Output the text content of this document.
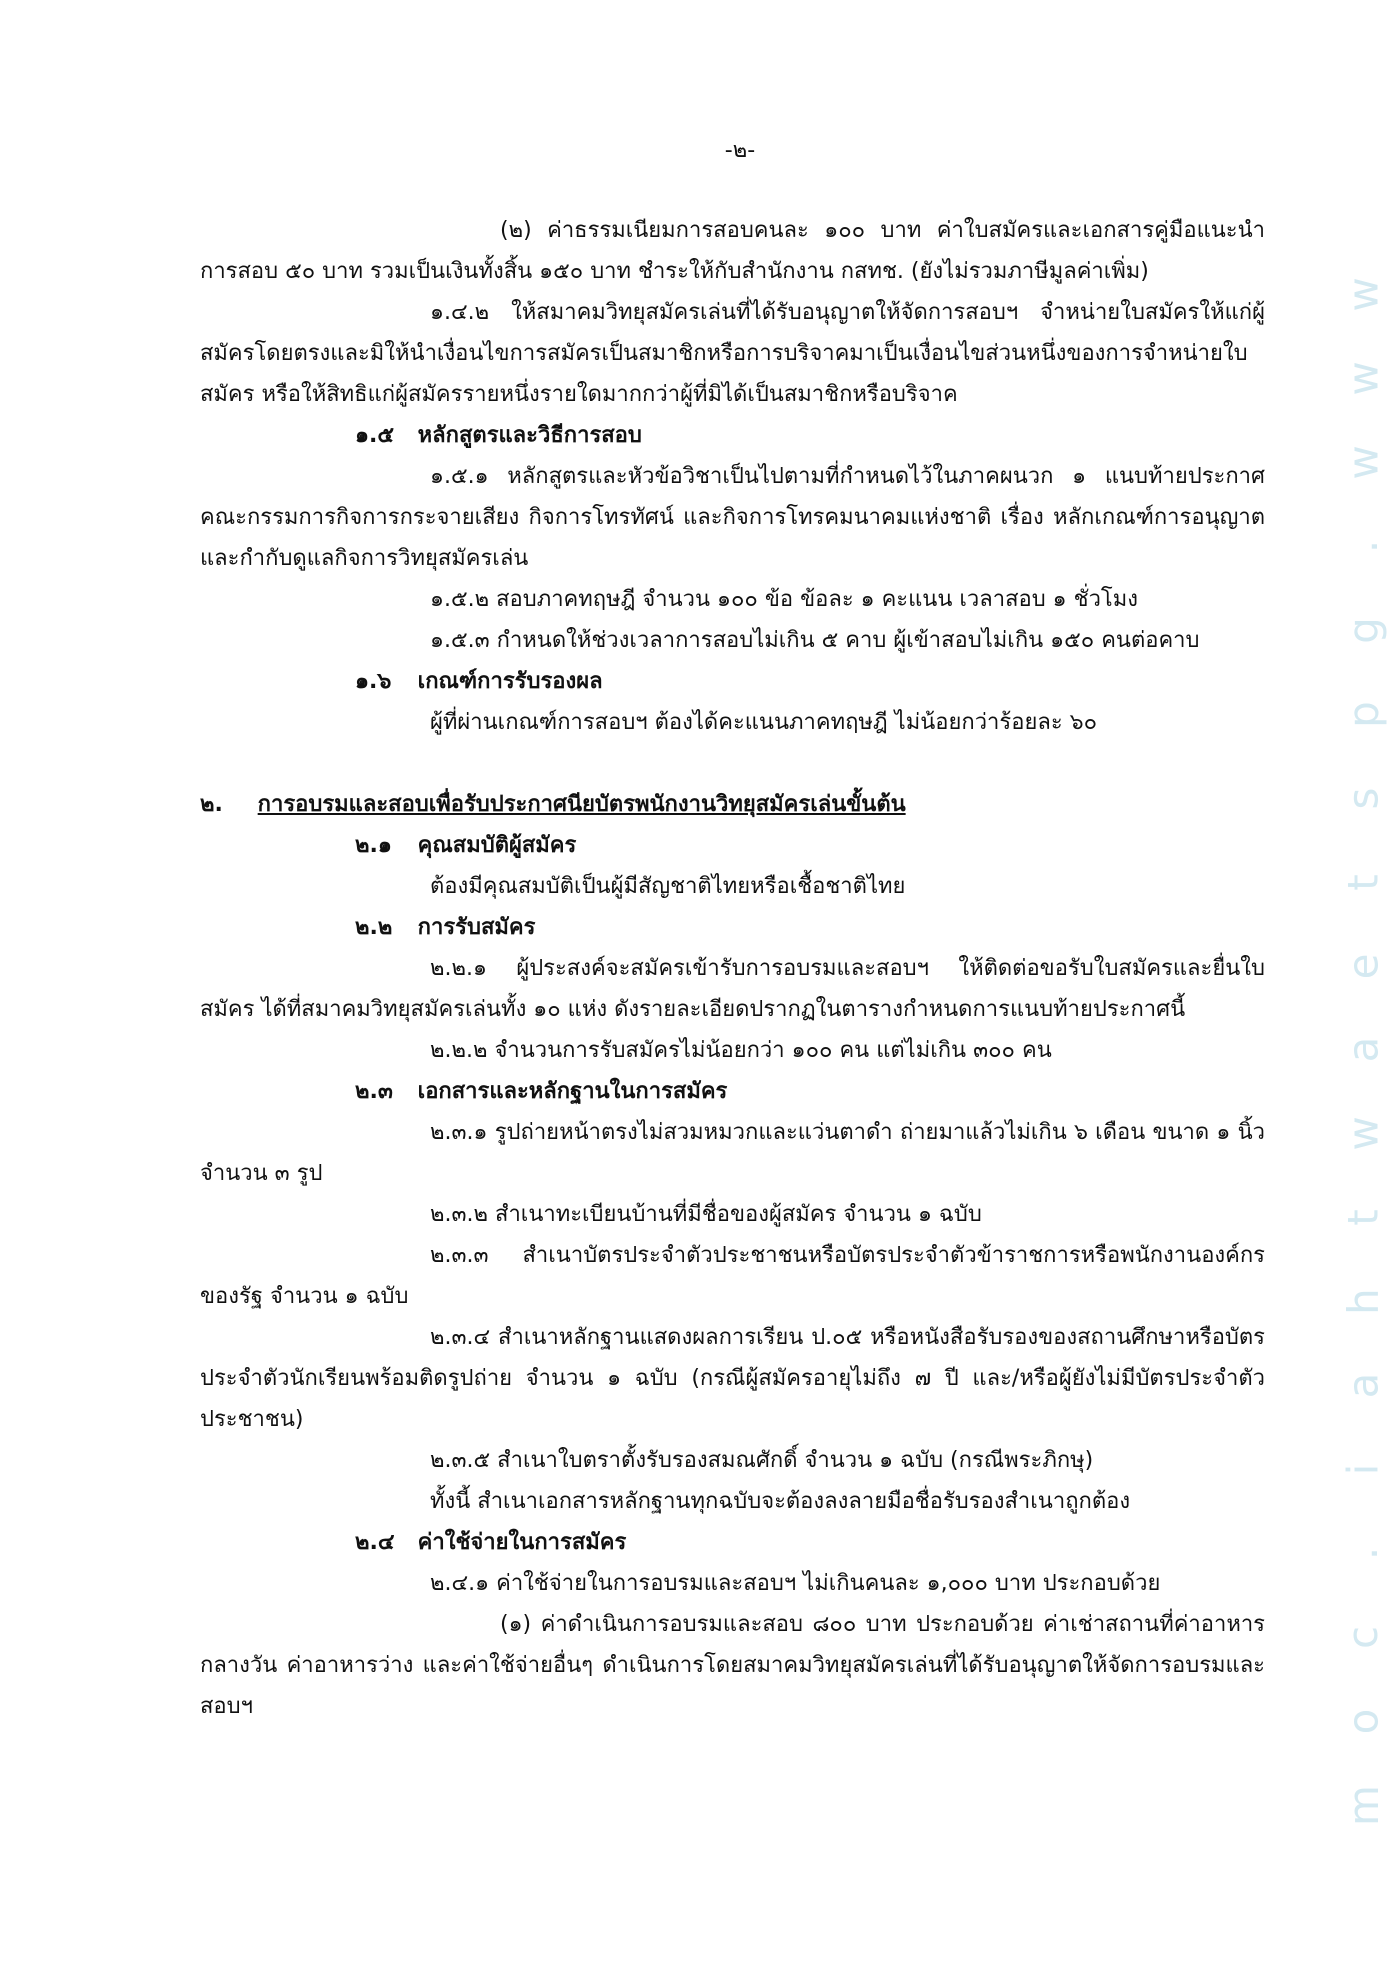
-๒-

(๒) ค่าธรรมเนียมการสอบคนละ ๑๐๐ บาท ค่าใบสมัครและเอกสารคู่มือแนะนำการสอบ ๕๐ บาท รวมเป็นเงินทั้งสิ้น ๑๕๐ บาท ชำระให้กับสำนักงาน กสทช. (ยังไม่รวมภาษีมูลค่าเพิ่ม)

๑.๔.๒ ให้สมาคมวิทยุสมัครเล่นที่ได้รับอนุญาตให้จัดการสอบฯ จำหน่ายใบสมัครให้แก่ผู้สมัครโดยตรงและมิให้นำเงื่อนไขการสมัครเป็นสมาชิกหรือการบริจาคมาเป็นเงื่อนไขส่วนหนึ่งของการจำหน่ายใบสมัคร หรือให้สิทธิแก่ผู้สมัครรายหนึ่งรายใดมากกว่าผู้ที่มิได้เป็นสมาชิกหรือบริจาค

๑.๕ หลักสูตรและวิธีการสอบ

๑.๕.๑ หลักสูตรและหัวข้อวิชาเป็นไปตามที่กำหนดไว้ในภาคผนวก ๑ แนบท้ายประกาศคณะกรรมการกิจการกระจายเสียง กิจการโทรทัศน์ และกิจการโทรคมนาคมแห่งชาติ เรื่อง หลักเกณฑ์การอนุญาตและกำกับดูแลกิจการวิทยุสมัครเล่น

๑.๕.๒ สอบภาคทฤษฎี จำนวน ๑๐๐ ข้อ ข้อละ ๑ คะแนน เวลาสอบ ๑ ชั่วโมง

๑.๕.๓ กำหนดให้ช่วงเวลาการสอบไม่เกิน ๕ คาบ ผู้เข้าสอบไม่เกิน ๑๕๐ คนต่อคาบ

๑.๖ เกณฑ์การรับรองผล

ผู้ที่ผ่านเกณฑ์การสอบฯ ต้องได้คะแนนภาคทฤษฎี ไม่น้อยกว่าร้อยละ ๖๐

๒. การอบรมและสอบเพื่อรับประกาศนียบัตรพนักงานวิทยุสมัครเล่นขั้นต้น

๒.๑ คุณสมบัติผู้สมัคร

ต้องมีคุณสมบัติเป็นผู้มีสัญชาติไทยหรือเชื้อชาติไทย

๒.๒ การรับสมัคร

๒.๒.๑ ผู้ประสงค์จะสมัครเข้ารับการอบรมและสอบฯ ให้ติดต่อขอรับใบสมัครและยื่นใบสมัคร ได้ที่สมาคมวิทยุสมัครเล่นทั้ง ๑๐ แห่ง ดังรายละเอียดปรากฏในตารางกำหนดการแนบท้ายประกาศนี้

๒.๒.๒ จำนวนการรับสมัครไม่น้อยกว่า ๑๐๐ คน แต่ไม่เกิน ๓๐๐ คน

๒.๓ เอกสารและหลักฐานในการสมัคร

๒.๓.๑ รูปถ่ายหน้าตรงไม่สวมหมวกและแว่นตาดำ ถ่ายมาแล้วไม่เกิน ๖ เดือน ขนาด ๑ นิ้ว จำนวน ๓ รูป

๒.๓.๒ สำเนาทะเบียนบ้านที่มีชื่อของผู้สมัคร จำนวน ๑ ฉบับ

๒.๓.๓ สำเนาบัตรประจำตัวประชาชนหรือบัตรประจำตัวข้าราชการหรือพนักงานองค์กรของรัฐ จำนวน ๑ ฉบับ

๒.๓.๔ สำเนาหลักฐานแสดงผลการเรียน ป.๐๕ หรือหนังสือรับรองของสถานศึกษาหรือบัตรประจำตัวนักเรียนพร้อมติดรูปถ่าย จำนวน ๑ ฉบับ (กรณีผู้สมัครอายุไม่ถึง ๗ ปี และ/หรือผู้ยังไม่มีบัตรประจำตัวประชาชน)

๒.๓.๕ สำเนาใบตราตั้งรับรองสมณศักดิ์ จำนวน ๑ ฉบับ (กรณีพระภิกษุ)

ทั้งนี้ สำเนาเอกสารหลักฐานทุกฉบับจะต้องลงลายมือชื่อรับรองสำเนาถูกต้อง

๒.๔ ค่าใช้จ่ายในการสมัคร

๒.๔.๑ ค่าใช้จ่ายในการอบรมและสอบฯ ไม่เกินคนละ ๑,๐๐๐ บาท ประกอบด้วย

(๑) ค่าดำเนินการอบรมและสอบ ๘๐๐ บาท ประกอบด้วย ค่าเช่าสถานที่ค่าอาหารกลางวัน ค่าอาหารว่าง และค่าใช้จ่ายอื่นๆ ดำเนินการโดยสมาคมวิทยุสมัครเล่นที่ได้รับอนุญาตให้จัดการอบรมและสอบฯ

w
w
w
.
g
p
s
t
e
a
w
t
h
a
i
.
c
o
m
